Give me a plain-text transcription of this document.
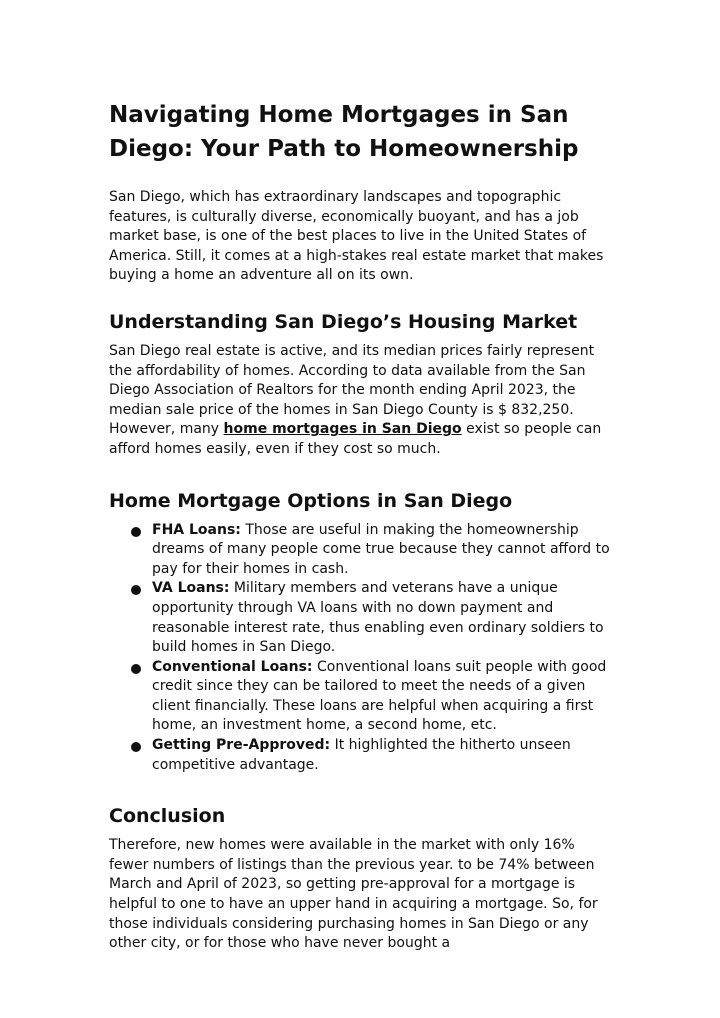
Navigating Home Mortgages in San Diego: Your Path to Homeownership

San Diego, which has extraordinary landscapes and topographic features, is culturally diverse, economically buoyant, and has a job market base, is one of the best places to live in the United States of America. Still, it comes at a high-stakes real estate market that makes buying a home an adventure all on its own.

Understanding San Diego’s Housing Market

San Diego real estate is active, and its median prices fairly represent the affordability of homes. According to data available from the San Diego Association of Realtors for the month ending April 2023, the median sale price of the homes in San Diego County is $ 832,250. However, many home mortgages in San Diego exist so people can afford homes easily, even if they cost so much.

Home Mortgage Options in San Diego
FHA Loans: Those are useful in making the homeownership dreams of many people come true because they cannot afford to pay for their homes in cash.
VA Loans: Military members and veterans have a unique opportunity through VA loans with no down payment and reasonable interest rate, thus enabling even ordinary soldiers to build homes in San Diego.
Conventional Loans: Conventional loans suit people with good credit since they can be tailored to meet the needs of a given client financially. These loans are helpful when acquiring a first home, an investment home, a second home, etc.
Getting Pre-Approved: It highlighted the hitherto unseen competitive advantage.
Conclusion

Therefore, new homes were available in the market with only 16% fewer numbers of listings than the previous year. to be 74% between March and April of 2023, so getting pre-approval for a mortgage is helpful to one to have an upper hand in acquiring a mortgage. So, for those individuals considering purchasing homes in San Diego or any other city, or for those who have never bought a
